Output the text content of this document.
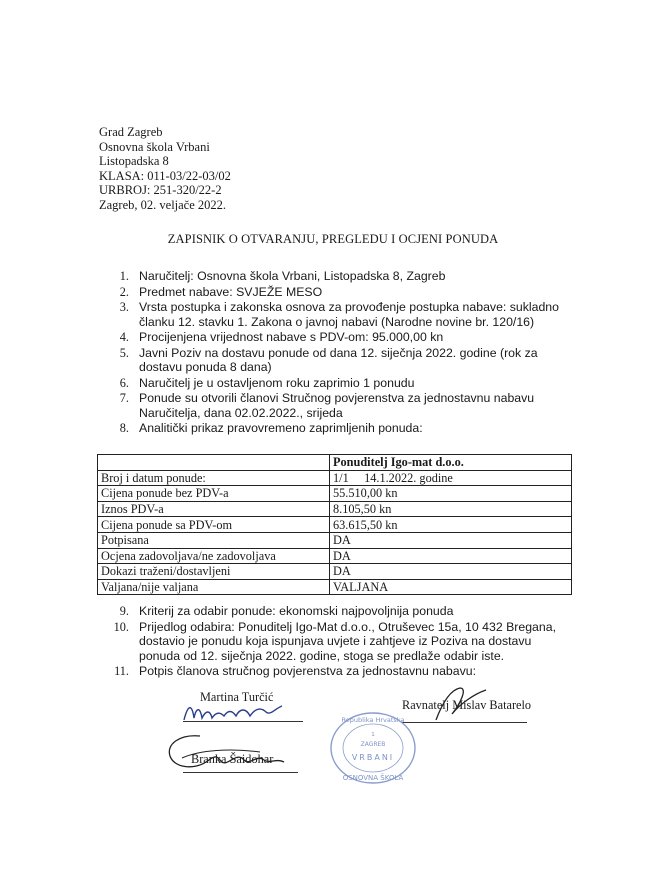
Grad Zagreb
Osnovna škola Vrbani
Listopadska 8
KLASA: 011-03/22-03/02
URBROJ: 251-320/22-2
Zagreb, 02. veljače 2022.
ZAPISNIK O OTVARANJU, PREGLEDU I OCJENI PONUDA
1. Naručitelj: Osnovna škola Vrbani, Listopadska 8, Zagreb
2. Predmet nabave: SVJEŽE MESO
3. Vrsta postupka i zakonska osnova za provođenje postupka nabave: sukladno članku 12. stavku 1. Zakona o javnoj nabavi (Narodne novine br. 120/16)
4. Procijenjena vrijednost nabave s PDV-om: 95.000,00 kn
5. Javni Poziv na dostavu ponude od dana 12. siječnja 2022. godine (rok za dostavu ponuda 8 dana)
6. Naručitelj je u ostavljenom roku zaprimio 1 ponudu
7. Ponude su otvorili članovi Stručnog povjerenstva za jednostavnu nabavu Naručitelja, dana 02.02.2022., srijeda
8. Analitički prikaz pravovremeno zaprimljenih ponuda:
	Ponuditelj Igo-mat d.o.o.
Broj i datum ponude:	1/1     14.1.2022. godine
Cijena ponude bez PDV-a	55.510,00 kn
Iznos PDV-a	8.105,50 kn
Cijena ponude sa PDV-om	63.615,50 kn
Potpisana	DA
Ocjena zadovoljava/ne zadovoljava	DA
Dokazi traženi/dostavljeni	DA
Valjana/nije valjana	VALJANA
9. Kriterij za odabir ponude: ekonomski najpovoljnija ponuda
10. Prijedlog odabira: Ponuditelj Igo-Mat d.o.o., Otruševec 15a, 10 432 Bregana, dostavio je ponudu koja ispunjava uvjete i zahtjeve iz Poziva na dostavu ponuda od 12. siječnja 2022. godine, stoga se predlaže odabir iste.
11. Potpis članova stručnog povjerenstva za jednostavnu nabavu:
Martina Turčić
Branka Šaidohar
Ravnatelj Mislav Batarelo
Republika Hrvatska
1
ZAGREB
VRBANI
OSNOVNA ŠKOLA
